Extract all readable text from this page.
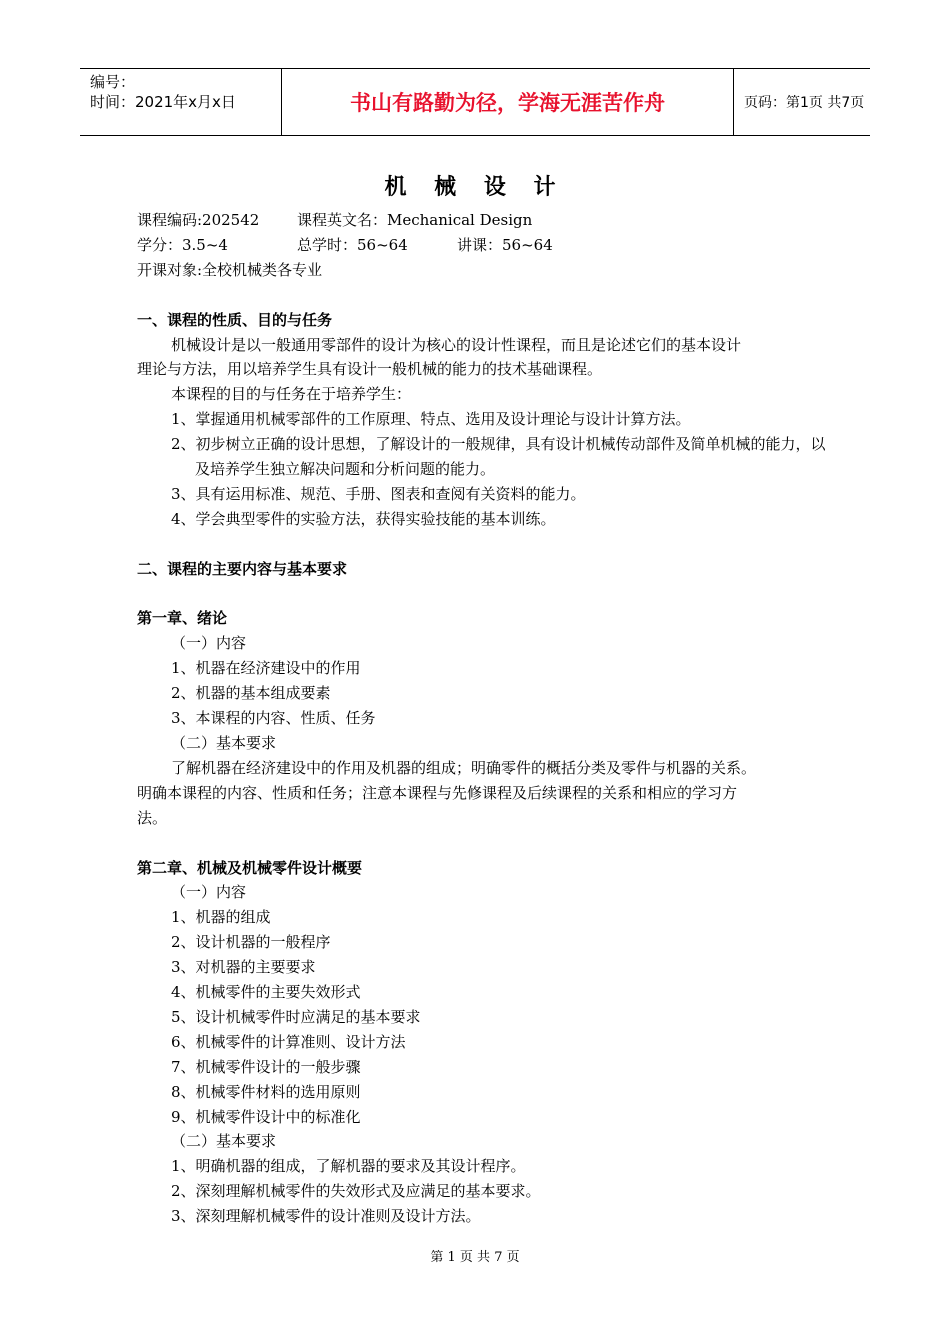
编号：
时间：2021年x月x日	书山有路勤为径，学海无涯苦作舟	页码：第1页 共7页
机 械 设 计
课程编码:202542	课程英文名：Mechanical Design
学分：3.5~4	总学时：56~64	讲课：56~64
开课对象:全校机械类各专业
一、课程的性质、目的与任务
机械设计是以一般通用零部件的设计为核心的设计性课程，而且是论述它们的基本设计
理论与方法，用以培养学生具有设计一般机械的能力的技术基础课程。
本课程的目的与任务在于培养学生：
1、掌握通用机械零部件的工作原理、特点、选用及设计理论与设计计算方法。
2、初步树立正确的设计思想，了解设计的一般规律，具有设计机械传动部件及简单机械的能力，以及培养学生独立解决问题和分析问题的能力。
3、具有运用标准、规范、手册、图表和查阅有关资料的能力。
4、学会典型零件的实验方法，获得实验技能的基本训练。
二、课程的主要内容与基本要求
第一章、绪论
（一）内容
1、机器在经济建设中的作用
2、机器的基本组成要素
3、本课程的内容、性质、任务
（二）基本要求
了解机器在经济建设中的作用及机器的组成；明确零件的概括分类及零件与机器的关系。
明确本课程的内容、性质和任务；注意本课程与先修课程及后续课程的关系和相应的学习方
法。
第二章、机械及机械零件设计概要
（一）内容
1、机器的组成
2、设计机器的一般程序
3、对机器的主要要求
4、机械零件的主要失效形式
5、设计机械零件时应满足的基本要求
6、机械零件的计算准则、设计方法
7、机械零件设计的一般步骤
8、机械零件材料的选用原则
9、机械零件设计中的标准化
（二）基本要求
1、明确机器的组成，了解机器的要求及其设计程序。
2、深刻理解机械零件的失效形式及应满足的基本要求。
3、深刻理解机械零件的设计准则及设计方法。
第 1 页 共 7 页
